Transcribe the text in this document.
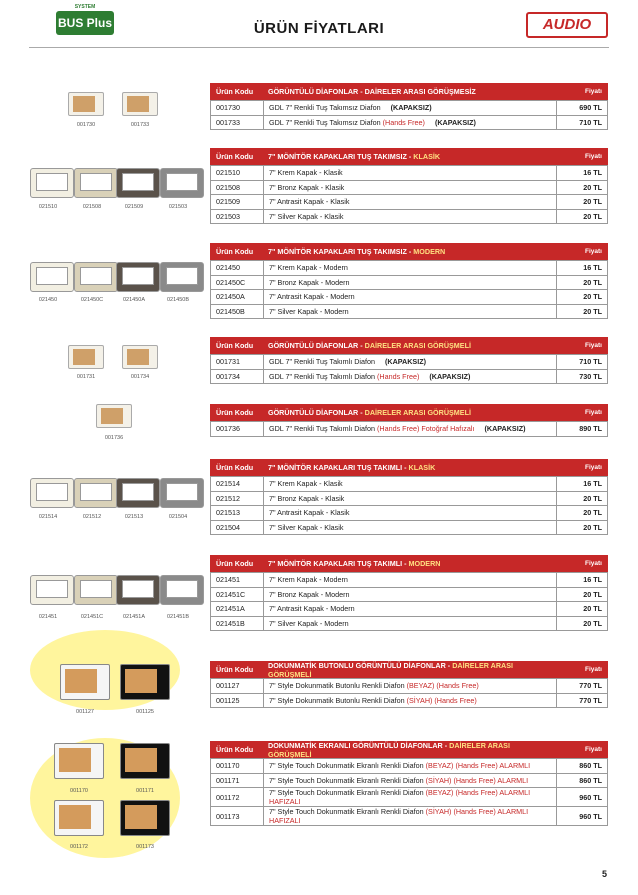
SYSTEM
BUS Plus	ÜRÜN FİYATLARI	AUDIO
Ürün Kodu	GÖRÜNTÜLÜ DİAFONLAR - DAİRELER ARASI GÖRÜŞMESİZ	Fiyatı
001730	GDL 7" Renkli Tuş Takımsız Diafon (KAPAKSIZ)	690 TL
001733	GDL 7" Renkli Tuş Takımsız Diafon (Hands Free) (KAPAKSIZ)	710 TL
Ürün Kodu	7" MÖNİTÖR KAPAKLARI TUŞ TAKIMSIZ - KLASİK	Fiyatı
021510	7" Krem Kapak - Klasik	16 TL
021508	7" Bronz Kapak - Klasik	20 TL
021509	7" Antrasit Kapak - Klasik	20 TL
021503	7" Silver Kapak - Klasik	20 TL
Ürün Kodu	7" MÖNİTÖR KAPAKLARI TUŞ TAKIMSIZ - MODERN	Fiyatı
021450	7" Krem Kapak - Modern	16 TL
021450C	7" Bronz Kapak - Modern	20 TL
021450A	7" Antrasit Kapak - Modern	20 TL
021450B	7" Silver Kapak - Modern	20 TL
Ürün Kodu	GÖRÜNTÜLÜ DİAFONLAR - DAİRELER ARASI GÖRÜŞMELİ	Fiyatı
001731	GDL 7" Renkli Tuş Takımlı Diafon (KAPAKSIZ)	710 TL
001734	GDL 7" Renkli Tuş Takımlı Diafon (Hands Free) (KAPAKSIZ)	730 TL
Ürün Kodu	GÖRÜNTÜLÜ DİAFONLAR - DAİRELER ARASI GÖRÜŞMELİ	Fiyatı
001736	GDL 7" Renkli Tuş Takımlı Diafon (Hands Free) Fotoğraf Hafızalı (KAPAKSIZ)	890 TL
Ürün Kodu	7" MÖNİTÖR KAPAKLARI TUŞ TAKIMLI - KLASİK	Fiyatı
021514	7" Krem Kapak - Klasik	16 TL
021512	7" Bronz Kapak - Klasik	20 TL
021513	7" Antrasit Kapak - Klasik	20 TL
021504	7" Silver Kapak - Klasik	20 TL
Ürün Kodu	7" MÖNİTÖR KAPAKLARI TUŞ TAKIMLI - MODERN	Fiyatı
021451	7" Krem Kapak - Modern	16 TL
021451C	7" Bronz Kapak - Modern	20 TL
021451A	7" Antrasit Kapak - Modern	20 TL
021451B	7" Silver Kapak - Modern	20 TL
Ürün Kodu	DOKUNMATİK BUTONLU GÖRÜNTÜLÜ DİAFONLAR - DAİRELER ARASI GÖRÜŞMELİ	Fiyatı
001127	7" Style Dokunmatik Butonlu Renkli Diafon (BEYAZ) (Hands Free)	770 TL
001125	7" Style Dokunmatik Butonlu Renkli Diafon (SİYAH) (Hands Free)	770 TL
Ürün Kodu	DOKUNMATİK EKRANLI GÖRÜNTÜLÜ DİAFONLAR - DAİRELER ARASI GÖRÜŞMELİ	Fiyatı
001170	7" Style Touch Dokunmatik Ekranlı Renkli Diafon (BEYAZ) (Hands Free) ALARMLI	860 TL
001171	7" Style Touch Dokunmatik Ekranlı Renkli Diafon (SİYAH) (Hands Free) ALARMLI	860 TL
001172	7" Style Touch Dokunmatik Ekranlı Renkli Diafon (BEYAZ) (Hands Free) ALARMLI HAFIZALI	960 TL
001173	7" Style Touch Dokunmatik Ekranlı Renkli Diafon (SİYAH) (Hands Free) ALARMLI HAFIZALI	960 TL
001730	001733
021510	021508	021509	021503
021450	021450C	021450A	021450B
001731	001734
001736
021514	021512	021513	021504
021451	021451C	021451A	021451B
001127	001125
001170	001171
001172	001173
5
